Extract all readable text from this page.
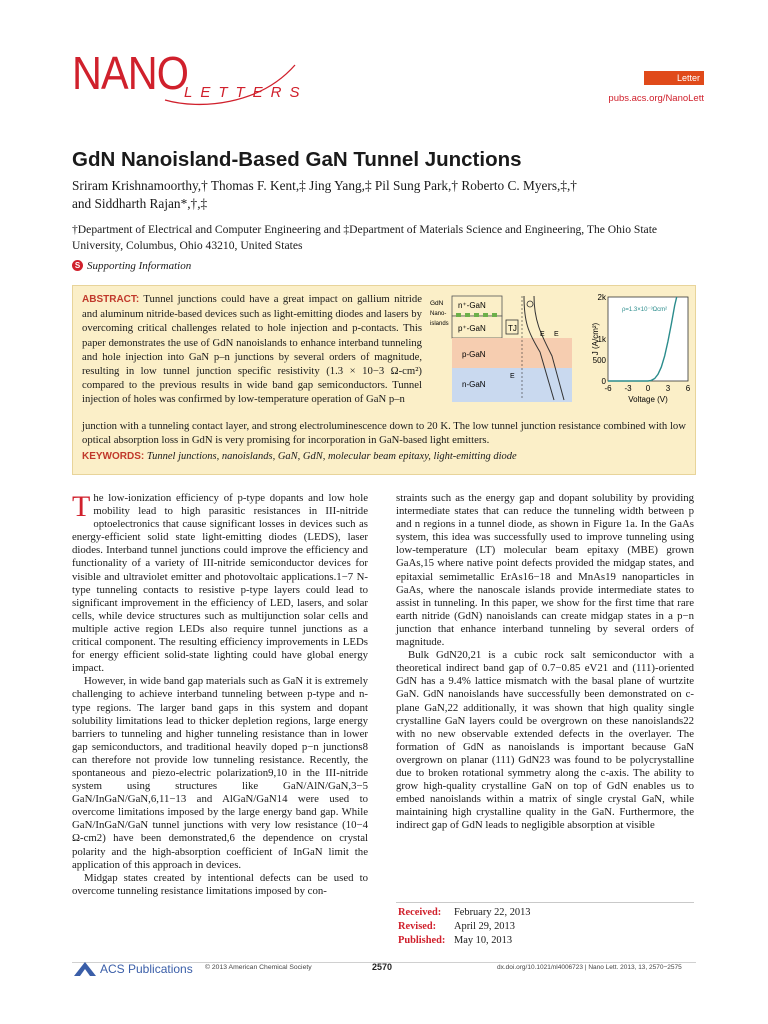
NANO
LETTERS
Letter
pubs.acs.org/NanoLett
GdN Nanoisland-Based GaN Tunnel Junctions
Sriram Krishnamoorthy,† Thomas F. Kent,‡ Jing Yang,‡ Pil Sung Park,† Roberto C. Myers,‡,†
and Siddharth Rajan*,†,‡
†Department of Electrical and Computer Engineering and ‡Department of Materials Science and Engineering, The Ohio State University, Columbus, Ohio 43210, United States
S Supporting Information
ABSTRACT: Tunnel junctions could have a great impact on gallium nitride and aluminum nitride-based devices such as light-emitting diodes and lasers by overcoming critical challenges related to hole injection and p-contacts. This paper demonstrates the use of GdN nanoislands to enhance interband tunneling and hole injection into GaN p–n junctions by several orders of magnitude, resulting in low tunnel junction specific resistivity (1.3 × 10−3 Ω-cm²) compared to the previous results in wide band gap semiconductors. Tunnel injection of holes was confirmed by low-temperature operation of GaN p–n
junction with a tunneling contact layer, and strong electroluminescence down to 20 K. The low tunnel junction resistance combined with low optical absorption loss in GdN is very promising for incorporation in GaN-based light emitters.
KEYWORDS: Tunnel junctions, nanoislands, GaN, GdN, molecular beam epitaxy, light-emitting diode
GdN
Nano-
islands
n⁺-GaN
p⁺-GaN
p-GaN
n-GaN
TJ
E E
E
0
500
1k
2k
-6 -3 0 3 6
ρ=1.3×10⁻³Ωcm²
Voltage (V)
J (A/cm²)

The low-ionization efficiency of p-type dopants and low hole mobility lead to high parasitic resistances in III-nitride optoelectronics that cause significant losses in devices such as energy-efficient solid state light-emitting diodes (LEDS), laser diodes. Interband tunnel junctions could improve the efficiency and functionality of a variety of III-nitride semiconductor devices for visible and ultraviolet emitter and photovoltaic applications.1−7 N-type tunneling contacts to resistive p-type layers could lead to significant improvement in the efficiency of LED, lasers, and solar cells, while device structures such as multijunction solar cells and multiple active region LEDs also require tunnel junctions as a critical component. The resulting efficiency improvements in LEDs for energy efficient solid-state lighting could have global energy impact.

However, in wide band gap materials such as GaN it is extremely challenging to achieve interband tunneling between p-type and n-type regions. The larger band gaps in this system and dopant solubility limitations lead to thicker depletion regions, large energy barriers to tunneling and higher tunneling resistance than in lower gap semiconductors, and traditional heavily doped p−n junctions8 can therefore not provide low tunneling resistance. Recently, the spontaneous and piezo-electric polarization9,10 in the III-nitride system using structures like GaN/AlN/GaN,3−5 GaN/InGaN/GaN,6,11−13 and AlGaN/GaN14 were used to overcome limitations imposed by the large energy band gap. While GaN/InGaN/GaN tunnel junctions with very low resistance (10−4 Ω-cm2) have been demonstrated,6 the dependence on crystal polarity and the high-absorption coefficient of InGaN limit the application of this approach in devices.

Midgap states created by intentional defects can be used to overcome tunneling resistance limitations imposed by con-

straints such as the energy gap and dopant solubility by providing intermediate states that can reduce the tunneling width between p and n regions in a tunnel diode, as shown in Figure 1a. In the GaAs system, this idea was successfully used to improve tunneling using low-temperature (LT) molecular beam epitaxy (MBE) grown GaAs,15 where native point defects provided the midgap states, and epitaxial semimetallic ErAs16−18 and MnAs19 nanoparticles in GaAs, where the nanoscale islands provide intermediate states to assist in tunneling. In this paper, we show for the first time that rare earth nitride (GdN) nanoislands can create midgap states in a p−n junction that enhance interband tunneling by several orders of magnitude.

Bulk GdN20,21 is a cubic rock salt semiconductor with a theoretical indirect band gap of 0.7−0.85 eV21 and (111)-oriented GdN has a 9.4% lattice mismatch with the basal plane of wurtzite GaN. GdN nanoislands have successfully been demonstrated on c-plane GaN,22 additionally, it was shown that high quality single crystalline GaN layers could be overgrown on these nanoislands22 with no new observable extended defects in the overlayer. The formation of GdN as nanoislands is important because GaN overgrown on planar (111) GdN23 was found to be polycrystalline due to broken rotational symmetry along the c-axis. The ability to grow high-quality crystalline GaN on top of GdN enables us to embed nanoislands within a matrix of single crystal GaN, while maintaining high crystalline quality in the GaN. Furthermore, the indirect gap of GdN leads to negligible absorption at visible

Received: February 22, 2013
Revised: April 29, 2013
Published: May 10, 2013
ACS Publications © 2013 American Chemical Society	2570	dx.doi.org/10.1021/nl4006723 | Nano Lett. 2013, 13, 2570−2575
